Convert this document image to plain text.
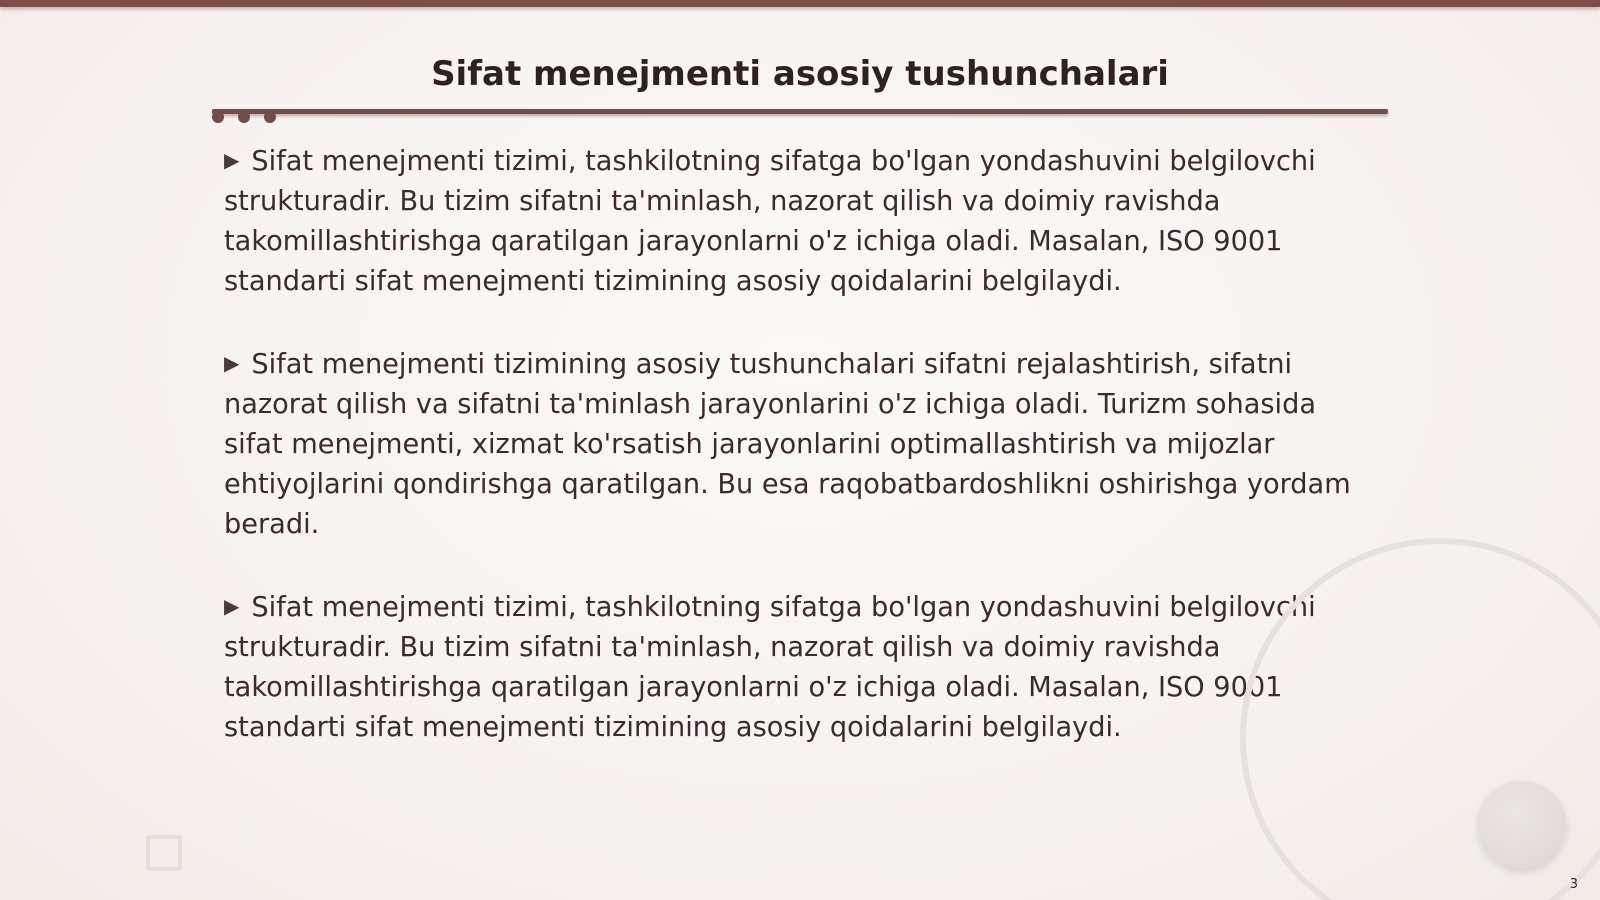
Sifat menejmenti asosiy tushunchalari

▶ Sifat menejmenti tizimi, tashkilotning sifatga bo'lgan yondashuvini belgilovchi strukturadir. Bu tizim sifatni ta'minlash, nazorat qilish va doimiy ravishda takomillashtirishga qaratilgan jarayonlarni o'z ichiga oladi. Masalan, ISO 9001 standarti sifat menejmenti tizimining asosiy qoidalarini belgilaydi.

▶ Sifat menejmenti tizimining asosiy tushunchalari sifatni rejalashtirish, sifatni nazorat qilish va sifatni ta'minlash jarayonlarini o'z ichiga oladi. Turizm sohasida sifat menejmenti, xizmat ko'rsatish jarayonlarini optimallashtirish va mijozlar ehtiyojlarini qondirishga qaratilgan. Bu esa raqobatbardoshlikni oshirishga yordam beradi.

▶ Sifat menejmenti tizimi, tashkilotning sifatga bo'lgan yondashuvini belgilovchi strukturadir. Bu tizim sifatni ta'minlash, nazorat qilish va doimiy ravishda takomillashtirishga qaratilgan jarayonlarni o'z ichiga oladi. Masalan, ISO 9001 standarti sifat menejmenti tizimining asosiy qoidalarini belgilaydi.

3
